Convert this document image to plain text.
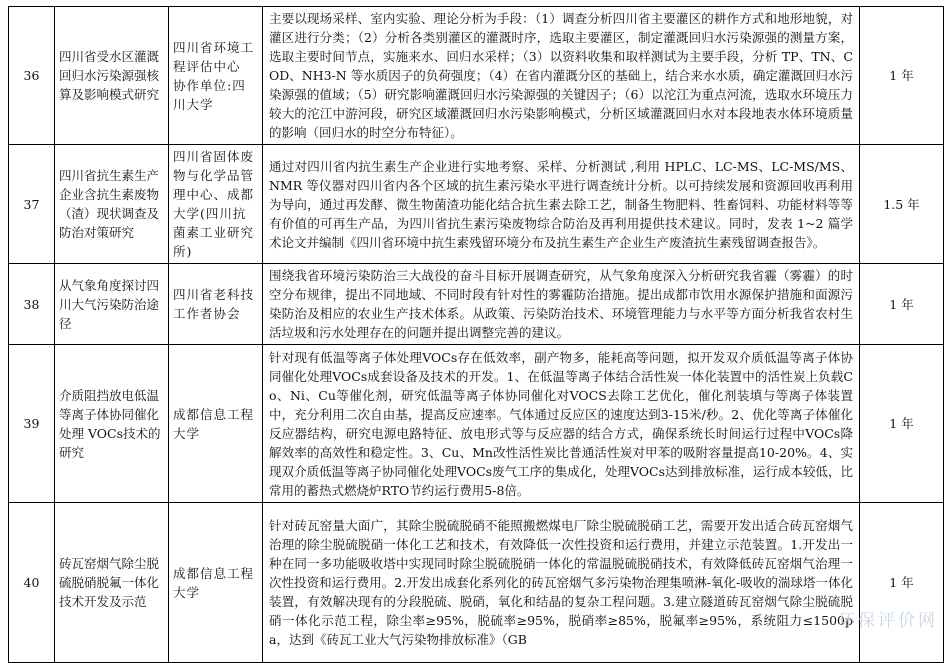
36	四川省受水区灌溉回归水污染源强核算及影响模式研究	四川省环境工程评估中心 协作单位:四川大学	主要以现场采样、室内实验、理论分析为手段：（1）调查分析四川省主要灌区的耕作方式和地形地貌，对灌区进行分类；（2）分析各类别灌区的灌溉时序，选取主要灌区，制定灌溉回归水污染源强的测量方案，选取主要时间节点，实施来水、回归水采样；（3）以资料收集和取样测试为主要手段，分析 TP、TN、COD、NH3-N 等水质因子的负荷强度；（4）在省内灌溉分区的基础上，结合来水水质，确定灌溉回归水污染源强的值域；（5）研究影响灌溉回归水污染源强的关键因子；（6）以沱江为重点河流，选取水环境压力较大的沱江中游河段，研究区域灌溉回归水污染影响模式，分析区域灌溉回归水对本段地表水体环境质量的影响（回归水的时空分布特征）。	1 年
37	四川省抗生素生产企业含抗生素废物（渣）现状调查及防治对策研究	四川省固体废物与化学品管理中心、成都大学(四川抗菌素工业研究所)	通过对四川省内抗生素生产企业进行实地考察、采样、分析测试 ,利用 HPLC、LC-MS、LC-MS/MS、NMR 等仪器对四川省内各个区域的抗生素污染水平进行调查统计分析。以可持续发展和资源回收再利用为导向，通过再发酵、微生物菌渣功能化结合抗生素去除工艺，制备生物肥料、牲畜饲料、功能材料等等有价值的可再生产品，为四川省抗生素污染废物综合防治及再利用提供技术建议。同时，发表 1~2 篇学术论文并编制《四川省环境中抗生素残留环境分布及抗生素生产企业生产废渣抗生素残留调查报告》。	1.5 年
38	从气象角度探讨四川大气污染防治途径	四川省老科技工作者协会	围绕我省环境污染防治三大战役的奋斗目标开展调查研究，从气象角度深入分析研究我省霾（雾霾）的时空分布规律，提出不同地域、不同时段有针对性的雾霾防治措施。提出成都市饮用水源保护措施和面源污染防治及相应的农业生产技术体系。从政策、污染防治技术、环境管理能力与水平等方面分析我省农村生活垃圾和污水处理存在的问题并提出调整完善的建议。	1 年
39	介质阻挡放电低温等离子体协同催化处理 VOCs技术的研究	成都信息工程大学	针对现有低温等离子体处理VOCs存在低效率，副产物多，能耗高等问题，拟开发双介质低温等离子体协同催化处理VOCs成套设备及技术的开发。1、在低温等离子体结合活性炭一体化装置中的活性炭上负载Co、Ni、Cu等催化剂，研究低温等离子体协同催化对VOCS去除工艺优化，催化剂装填与等离子体装置中，充分利用二次自由基，提高反应速率。气体通过反应区的速度达到3-15米/秒。2、优化等离子体催化反应器结构，研究电源电路特征、放电形式等与反应器的结合方式，确保系统长时间运行过程中VOCs降解效率的高效性和稳定性。3、Cu、Mn改性活性炭比普通活性炭对甲苯的吸附容量提高10-20%。4、实现双介质低温等离子协同催化处理VOCs废气工序的集成化，处理VOCs达到排放标准，运行成本较低，比常用的蓄热式燃烧炉RTO节约运行费用5-8倍。	1 年
40	砖瓦窑烟气除尘脱硫脱硝脱氟一体化技术开发及示范	成都信息工程大学	针对砖瓦窑量大面广，其除尘脱硫脱硝不能照搬燃煤电厂除尘脱硫脱硝工艺，需要开发出适合砖瓦窑烟气治理的除尘脱硫脱硝一体化工艺和技术，有效降低一次性投资和运行费用，并建立示范装置。1.开发出一种在同一多功能吸收塔中实现同时除尘脱硫脱硝一体化的常温脱硫脱硝技术，有效降低砖瓦窑烟气治理一次性投资和运行费用。2.开发出成套化系列化的砖瓦窑烟气多污染物治理集喷淋-氧化-吸收的湍球塔一体化装置，有效解决现有的分段脱硫、脱硝，氧化和结晶的复杂工程问题。3.建立隧道砖瓦窑烟气除尘脱硫脱硝一体化示范工程，除尘率≥95%，脱硫率≥95%，脱硝率≥85%，脱氟率≥95%，系统阻力≤1500pa，达到《砖瓦工业大气污染物排放标准》（GB	1 年
环保评价网
